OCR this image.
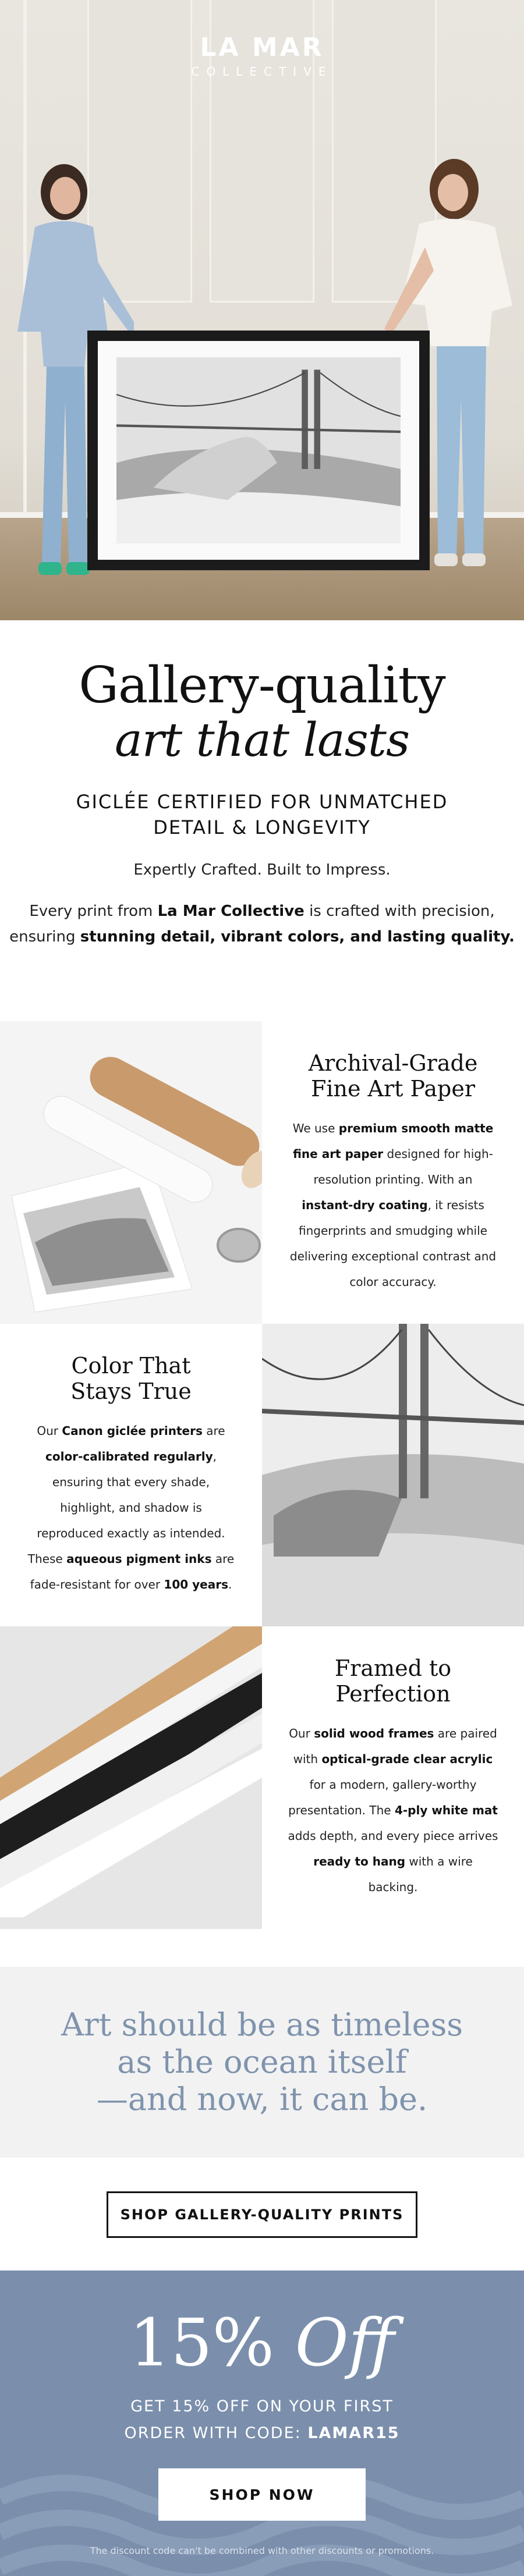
LA MAR
COLLECTIVE
Gallery-quality
art that lasts
GICLÉE CERTIFIED FOR UNMATCHED
DETAIL & LONGEVITY
Expertly Crafted. Built to Impress.
Every print from La Mar Collective is crafted with precision,
ensuring stunning detail, vibrant colors, and lasting quality.
Archival-Grade
Fine Art Paper
We use premium smooth matte fine art paper designed for high-resolution printing. With an instant-dry coating, it resists fingerprints and smudging while delivering exceptional contrast and color accuracy.
Color That
Stays True
Our Canon giclée printers are color-calibrated regularly, ensuring that every shade, highlight, and shadow is reproduced exactly as intended. These aqueous pigment inks are fade-resistant for over 100 years.
Framed to
Perfection
Our solid wood frames are paired with optical-grade clear acrylic for a modern, gallery-worthy presentation. The 4-ply white mat adds depth, and every piece arrives ready to hang with a wire backing.
Art should be as timeless
as the ocean itself
—and now, it can be.
SHOP GALLERY-QUALITY PRINTS
15% Off
GET 15% OFF ON YOUR FIRST
ORDER WITH CODE: LAMAR15
SHOP NOW
The discount code can't be combined with other discounts or promotions.
